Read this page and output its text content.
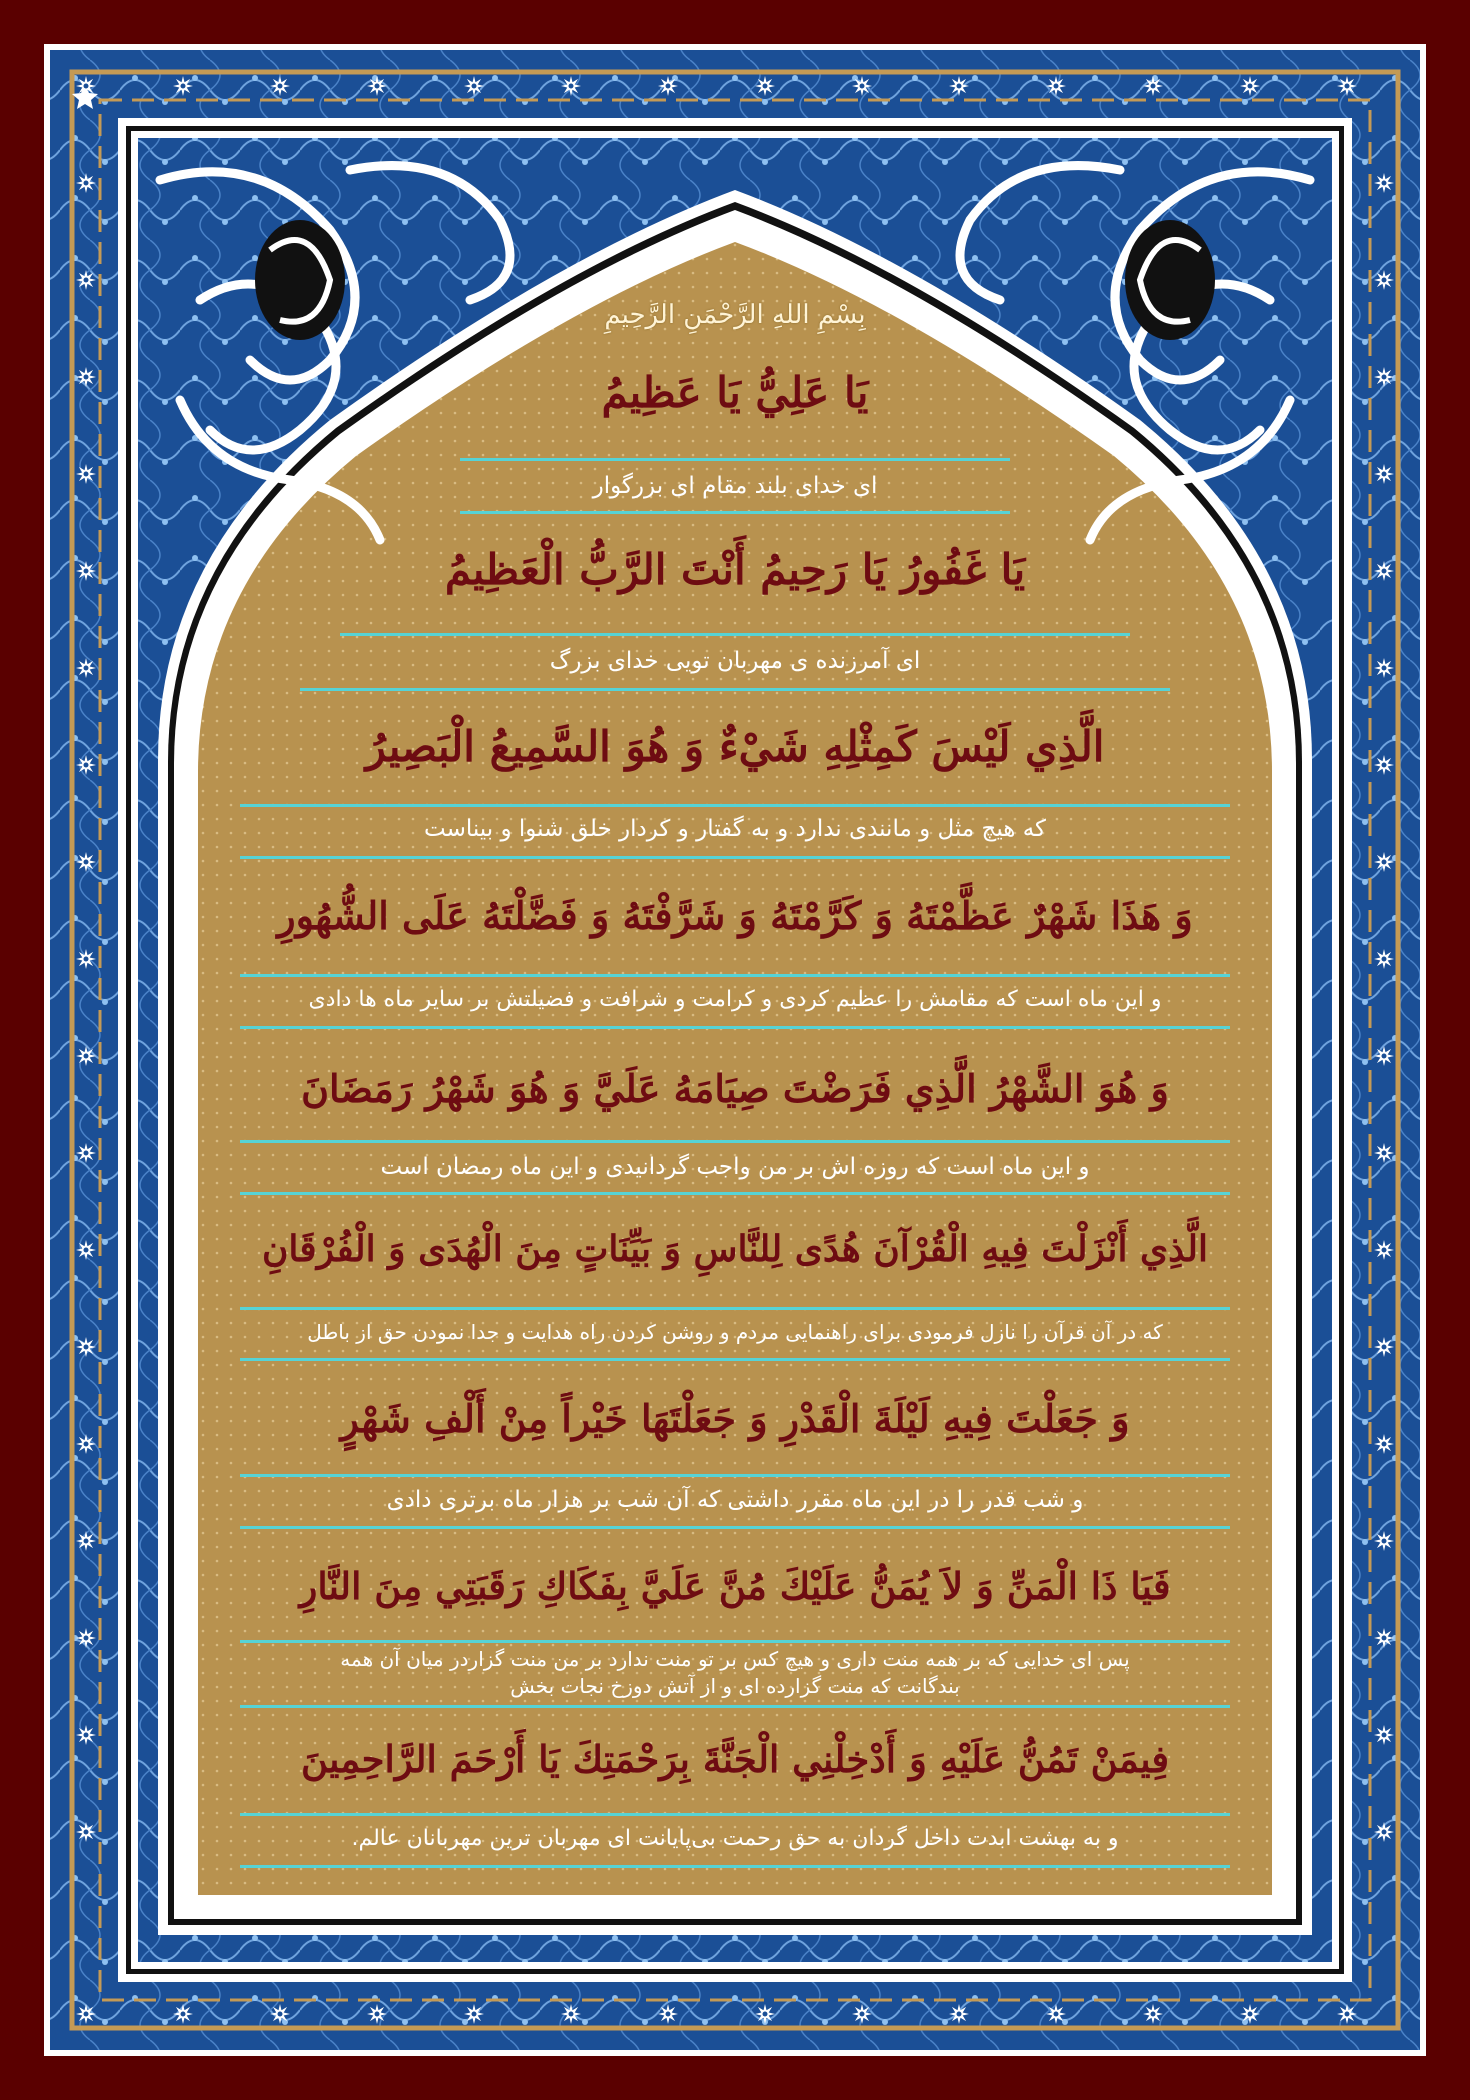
بِسْمِ اللهِ الرَّحْمَنِ الرَّحِيمِ
يَا عَلِيُّ يَا عَظِيمُ
ای خدای بلند مقام ای بزرگوار
يَا غَفُورُ يَا رَحِيمُ أَنْتَ الرَّبُّ الْعَظِيمُ
ای آمرزنده ی مهربان تویی خدای بزرگ
الَّذِي لَيْسَ كَمِثْلِهِ شَيْءٌ وَ هُوَ السَّمِيعُ الْبَصِيرُ
که هیچ مثل و مانندی ندارد و به گفتار و کردار خلق شنوا و بیناست
وَ هَذَا شَهْرٌ عَظَّمْتَهُ وَ كَرَّمْتَهُ وَ شَرَّفْتَهُ وَ فَضَّلْتَهُ عَلَى الشُّهُورِ
و این ماه است که مقامش را عظیم کردی و کرامت و شرافت و فضیلتش بر سایر ماه ها دادی
وَ هُوَ الشَّهْرُ الَّذِي فَرَضْتَ صِيَامَهُ عَلَيَّ وَ هُوَ شَهْرُ رَمَضَانَ
و این ماه است که روزه اش بر من واجب گردانیدی و این ماه رمضان است
الَّذِي أَنْزَلْتَ فِيهِ الْقُرْآنَ هُدًى لِلنَّاسِ وَ بَيِّنَاتٍ مِنَ الْهُدَى وَ الْفُرْقَانِ
که در آن قرآن را نازل فرمودی برای راهنمایی مردم و روشن کردن راه هدایت و جدا نمودن حق از باطل
وَ جَعَلْتَ فِيهِ لَيْلَةَ الْقَدْرِ وَ جَعَلْتَهَا خَيْراً مِنْ أَلْفِ شَهْرٍ
و شب قدر را در این ماه مقرر داشتی که آن شب بر هزار ماه برتری دادی
فَيَا ذَا الْمَنِّ وَ لاَ يُمَنُّ عَلَيْكَ مُنَّ عَلَيَّ بِفَكَاكِ رَقَبَتِي مِنَ النَّارِ
پس ای خدایی که بر همه منت داری و هیچ کس بر تو منت ندارد بر من منت گزاردر میان آن همه بندگانت که منت گزارده ای و از آتش دوزخ نجات بخش
فِيمَنْ تَمُنُّ عَلَيْهِ وَ أَدْخِلْنِي الْجَنَّةَ بِرَحْمَتِكَ يَا أَرْحَمَ الرَّاحِمِينَ
و به بهشت ابدت داخل گردان به حق رحمت بی‌پایانت ای مهربان ترین مهربانان عالم.
